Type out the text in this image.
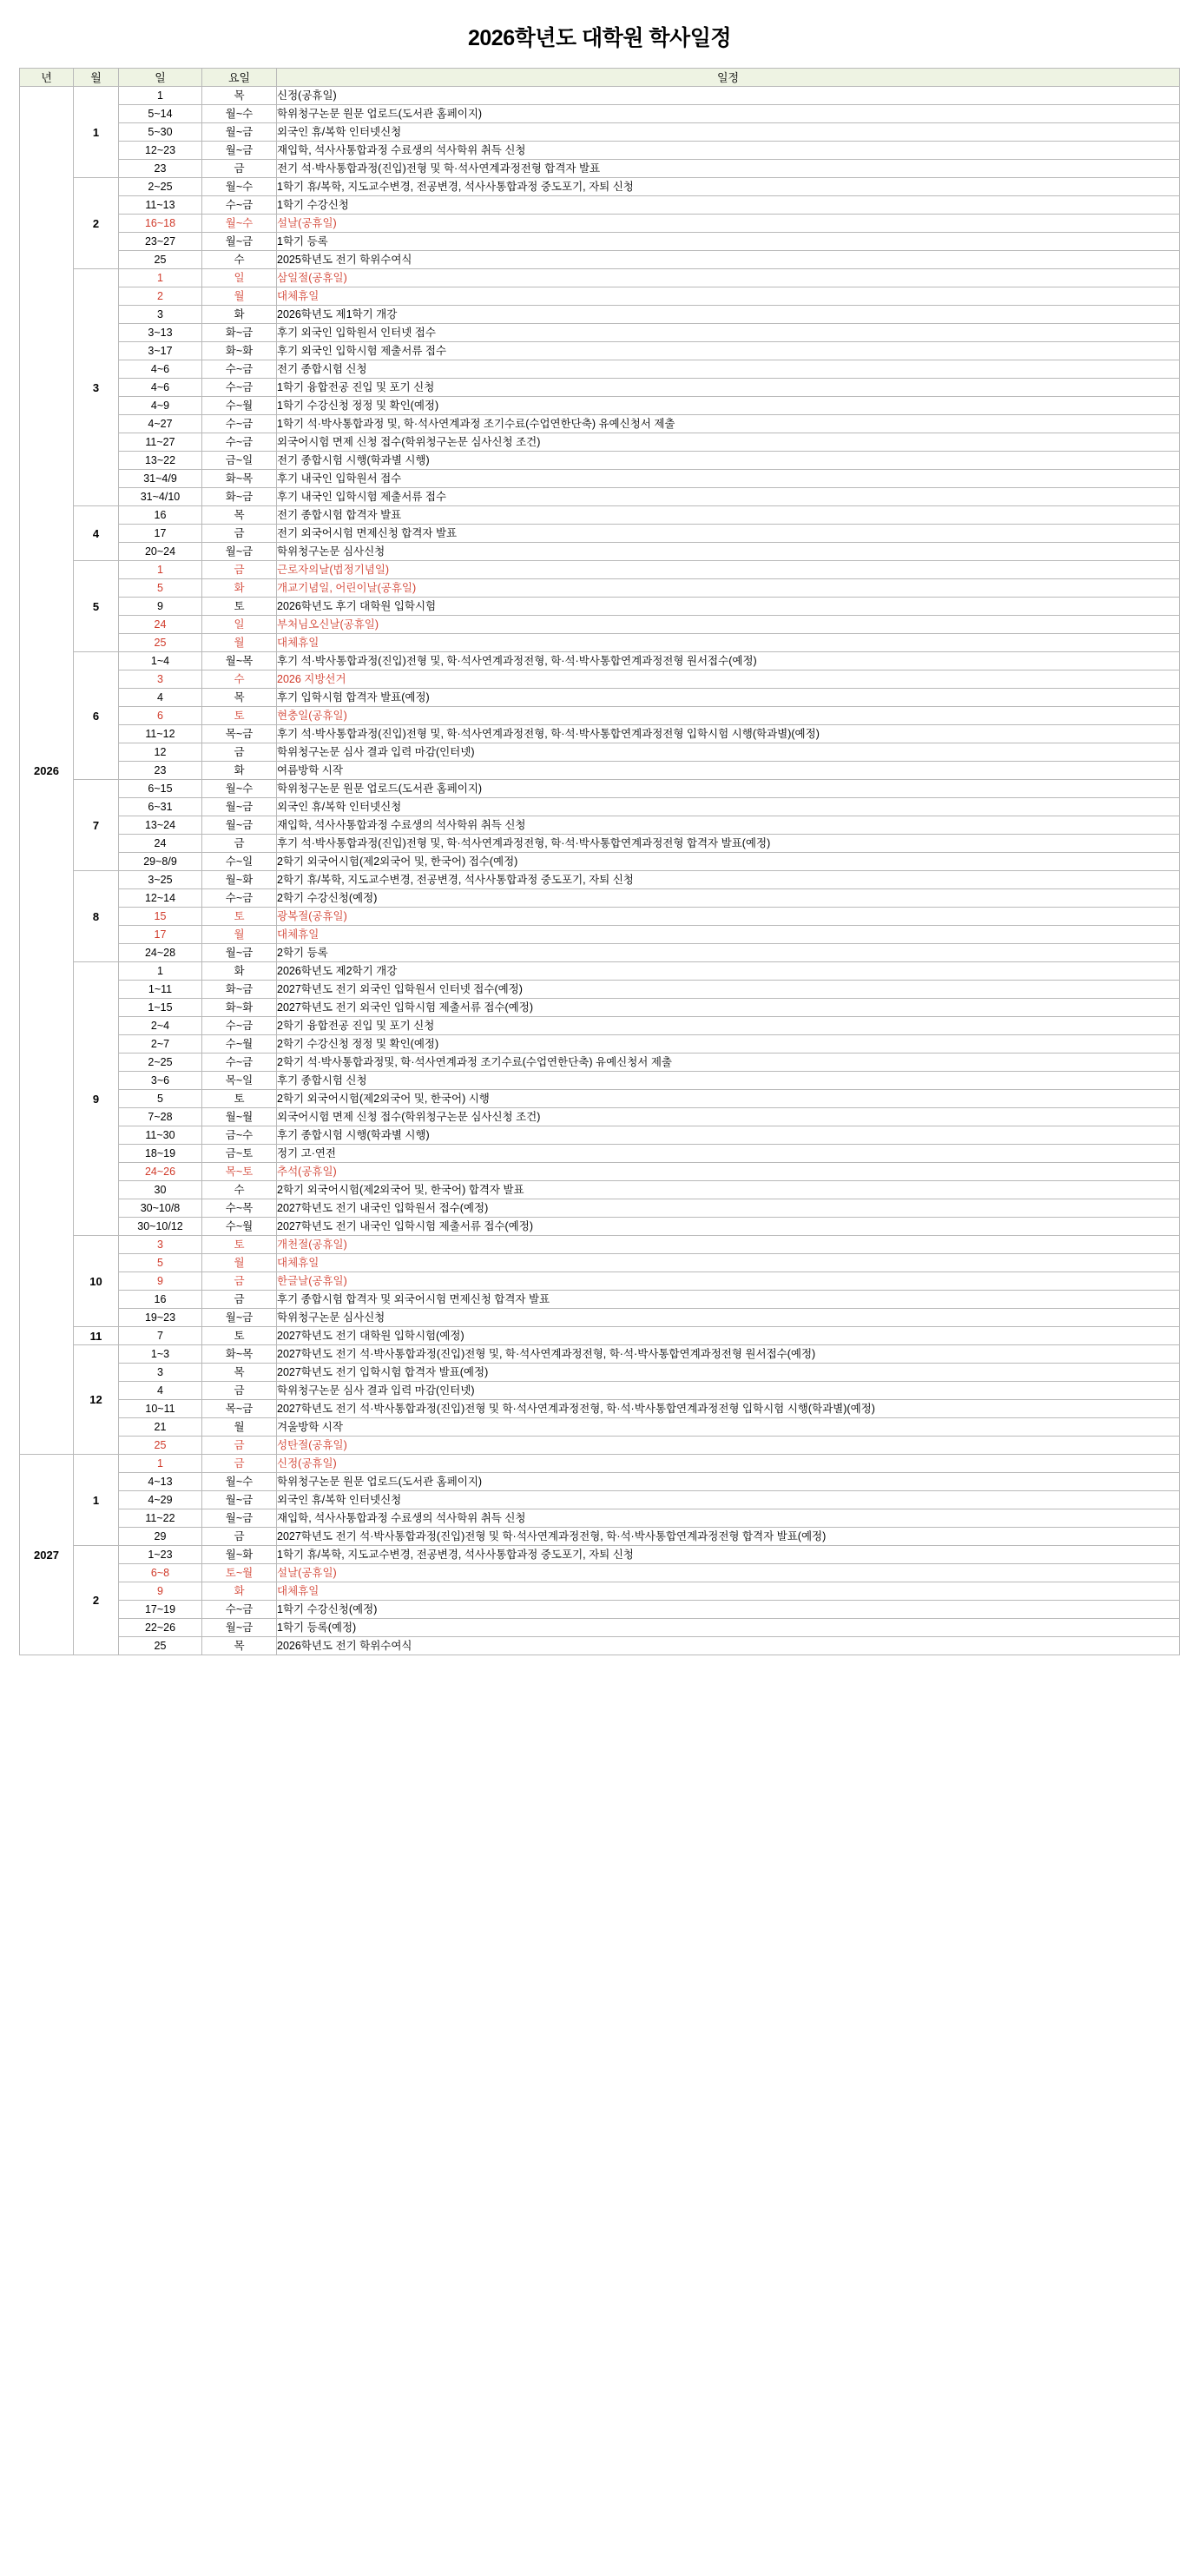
2026학년도 대학원 학사일정
년	월	일	요일	일정
2026	1	1	목	신정(공휴일)
		5~14	월~수	학위청구논문 원문 업로드(도서관 홈페이지)
		5~30	월~금	외국인 휴/복학 인터넷신청
		12~23	월~금	재입학, 석사사통합과정 수료생의 석사학위 취득 신청
		23	금	전기 석·박사통합과정(진입)전형 및 학·석사연계과정전형 합격자 발표
	2	2~25	월~수	1학기 휴/복학, 지도교수변경, 전공변경, 석사사통합과정 중도포기, 자퇴 신청
		11~13	수~금	1학기 수강신청
		16~18	월~수	설날(공휴일)
		23~27	월~금	1학기 등록
		25	수	2025학년도 전기 학위수여식
	3	1	일	삼일절(공휴일)
		2	월	대체휴일
		3	화	2026학년도 제1학기 개강
		3~13	화~금	후기 외국인 입학원서 인터넷 접수
		3~17	화~화	후기 외국인 입학시험 제출서류 접수
		4~6	수~금	전기 종합시험 신청
		4~6	수~금	1학기 융합전공 진입 및 포기 신청
		4~9	수~월	1학기 수강신청 정정 및 확인(예정)
		4~27	수~금	1학기 석·박사통합과정 및, 학·석사연계과정 조기수료(수업연한단축) 유예신청서 제출
		11~27	수~금	외국어시험 면제 신청 접수(학위청구논문 심사신청 조건)
		13~22	금~일	전기 종합시험 시행(학과별 시행)
		31~4/9	화~목	후기 내국인 입학원서 접수
		31~4/10	화~금	후기 내국인 입학시험 제출서류 접수
	4	16	목	전기 종합시험 합격자 발표
		17	금	전기 외국어시험 면제신청 합격자 발표
		20~24	월~금	학위청구논문 심사신청
	5	1	금	근로자의날(법정기념일)
		5	화	개교기념일, 어린이날(공휴일)
		9	토	2026학년도 후기 대학원 입학시험
		24	일	부처님오신날(공휴일)
		25	월	대체휴일
	6	1~4	월~목	후기 석·박사통합과정(진입)전형 및, 학·석사연계과정전형, 학·석·박사통합연계과정전형 원서접수(예정)
		3	수	2026 지방선거
		4	목	후기 입학시험 합격자 발표(예정)
		6	토	현충일(공휴일)
		11~12	목~금	후기 석·박사통합과정(진입)전형 및, 학·석사연계과정전형, 학·석·박사통합연계과정전형 입학시험 시행(학과별)(예정)
		12	금	학위청구논문 심사 결과 입력 마감(인터넷)
		23	화	여름방학 시작
	7	6~15	월~수	학위청구논문 원문 업로드(도서관 홈페이지)
		6~31	월~금	외국인 휴/복학 인터넷신청
		13~24	월~금	재입학, 석사사통합과정 수료생의 석사학위 취득 신청
		24	금	후기 석·박사통합과정(진입)전형 및, 학·석사연계과정전형, 학·석·박사통합연계과정전형 합격자 발표(예정)
		29~8/9	수~일	2학기 외국어시험(제2외국어 및, 한국어) 접수(예정)
	8	3~25	월~화	2학기 휴/복학, 지도교수변경, 전공변경, 석사사통합과정 중도포기, 자퇴 신청
		12~14	수~금	2학기 수강신청(예정)
		15	토	광복절(공휴일)
		17	월	대체휴일
		24~28	월~금	2학기 등록
	9	1	화	2026학년도 제2학기 개강
		1~11	화~금	2027학년도 전기 외국인 입학원서 인터넷 접수(예정)
		1~15	화~화	2027학년도 전기 외국인 입학시험 제출서류 접수(예정)
		2~4	수~금	2학기 융합전공 진입 및 포기 신청
		2~7	수~월	2학기 수강신청 정정 및 확인(예정)
		2~25	수~금	2학기 석·박사통합과정및, 학·석사연계과정 조기수료(수업연한단축) 유예신청서 제출
		3~6	목~일	후기 종합시험 신청
		5	토	2학기 외국어시험(제2외국어 및, 한국어) 시행
		7~28	월~월	외국어시험 면제 신청 접수(학위청구논문 심사신청 조건)
		11~30	금~수	후기 종합시험 시행(학과별 시행)
		18~19	금~토	정기 고·연전
		24~26	목~토	추석(공휴일)
		30	수	2학기 외국어시험(제2외국어 및, 한국어) 합격자 발표
		30~10/8	수~목	2027학년도 전기 내국인 입학원서 접수(예정)
		30~10/12	수~월	2027학년도 전기 내국인 입학시험 제출서류 접수(예정)
	10	3	토	개천절(공휴일)
		5	월	대체휴일
		9	금	한글날(공휴일)
		16	금	후기 종합시험 합격자 및 외국어시험 면제신청 합격자 발표
		19~23	월~금	학위청구논문 심사신청
	11	7	토	2027학년도 전기 대학원 입학시험(예정)
	12	1~3	화~목	2027학년도 전기 석·박사통합과정(진입)전형 및, 학·석사연계과정전형, 학·석·박사통합연계과정전형 원서접수(예정)
		3	목	2027학년도 전기 입학시험 합격자 발표(예정)
		4	금	학위청구논문 심사 결과 입력 마감(인터넷)
		10~11	목~금	2027학년도 전기 석·박사통합과정(진입)전형 및 학·석사연계과정전형, 학·석·박사통합연계과정전형 입학시험 시행(학과별)(예정)
		21	월	겨울방학 시작
		25	금	성탄절(공휴일)
2027	1	1	금	신정(공휴일)
		4~13	월~수	학위청구논문 원문 업로드(도서관 홈페이지)
		4~29	월~금	외국인 휴/복학 인터넷신청
		11~22	월~금	재입학, 석사사통합과정 수료생의 석사학위 취득 신청
		29	금	2027학년도 전기 석·박사통합과정(진입)전형 및 학·석사연계과정전형, 학·석·박사통합연계과정전형 합격자 발표(예정)
	2	1~23	월~화	1학기 휴/복학, 지도교수변경, 전공변경, 석사사통합과정 중도포기, 자퇴 신청
		6~8	토~월	설날(공휴일)
		9	화	대체휴일
		17~19	수~금	1학기 수강신청(예정)
		22~26	월~금	1학기 등록(예정)
		25	목	2026학년도 전기 학위수여식
